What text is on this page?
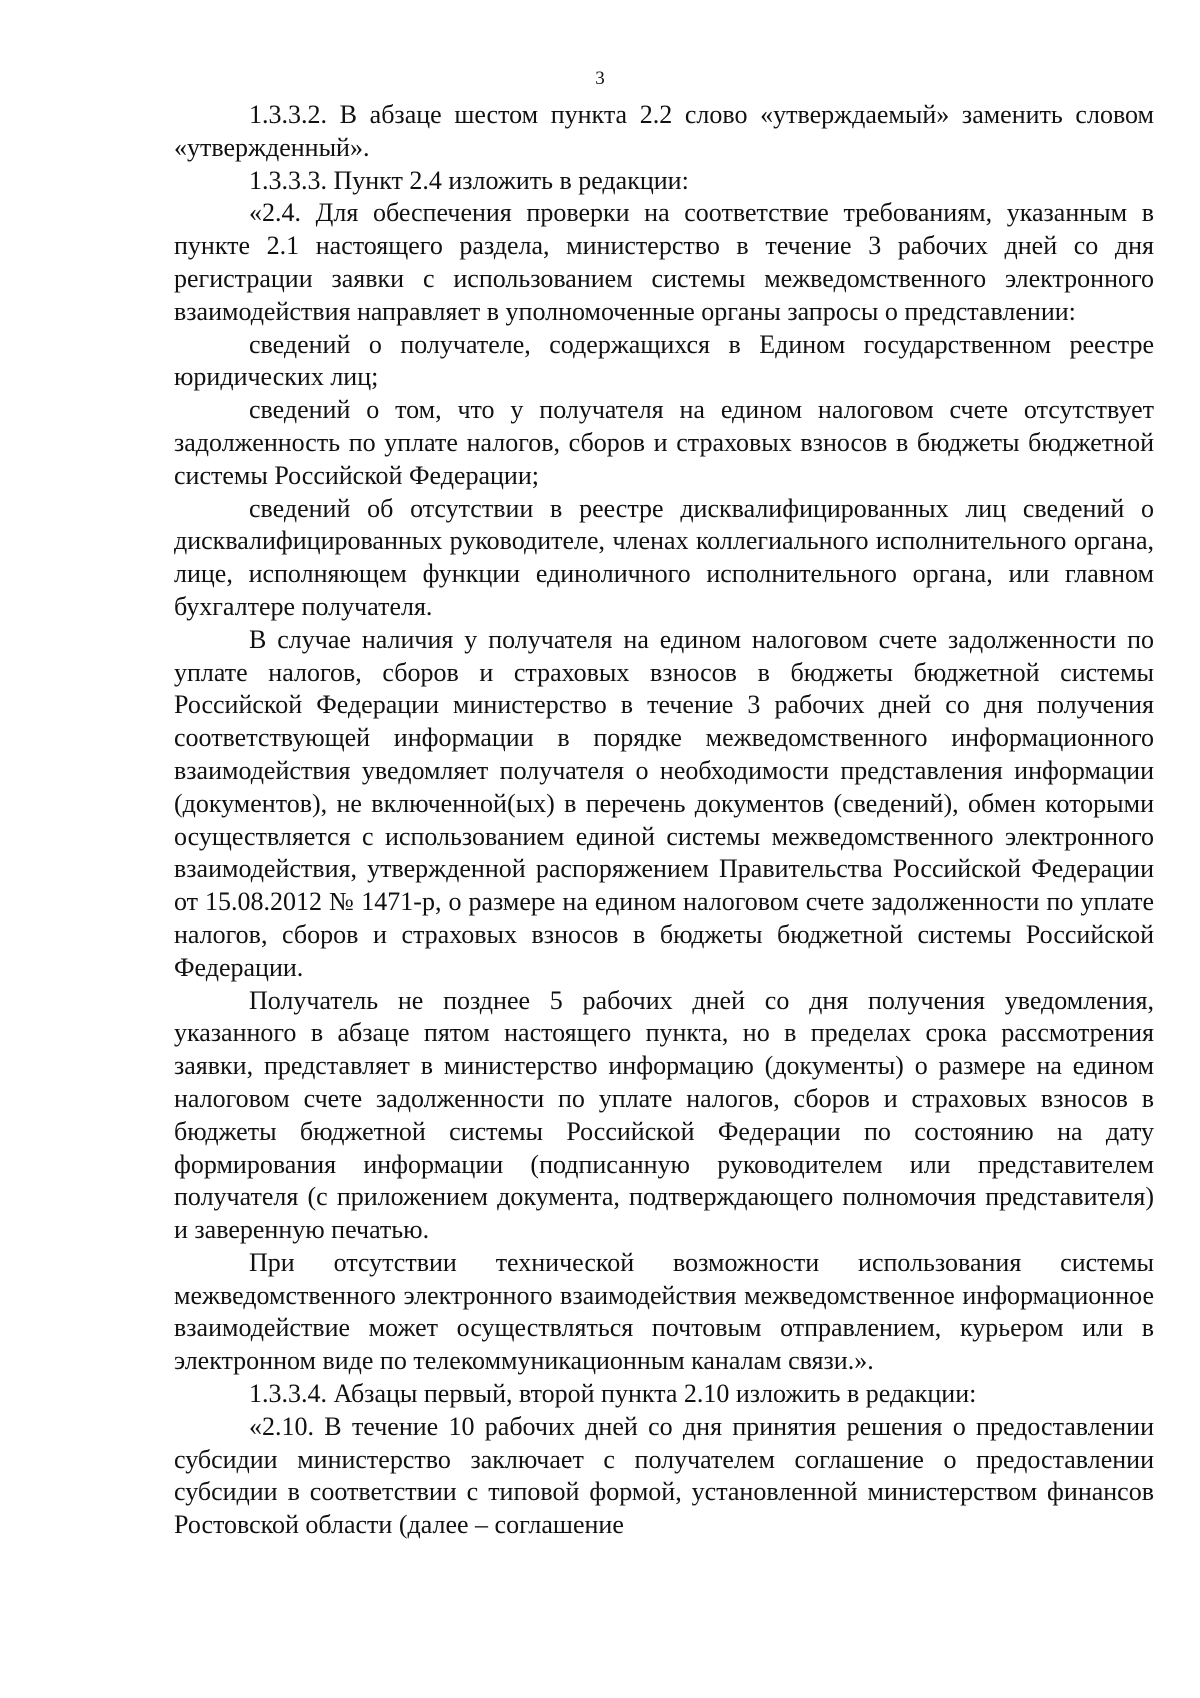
3

1.3.3.2. В абзаце шестом пункта 2.2 слово «утверждаемый» заменить словом «утвержденный».

1.3.3.3. Пункт 2.4 изложить в редакции:

«2.4. Для обеспечения проверки на соответствие требованиям, указанным в пункте 2.1 настоящего раздела, министерство в течение 3 рабочих дней со дня регистрации заявки с использованием системы межведомственного электронного взаимодействия направляет в уполномоченные органы запросы о представлении:

сведений о получателе, содержащихся в Едином государственном реестре юридических лиц;

сведений о том, что у получателя на едином налоговом счете отсутствует задолженность по уплате налогов, сборов и страховых взносов в бюджеты бюджетной системы Российской Федерации;

сведений об отсутствии в реестре дисквалифицированных лиц сведений о дисквалифицированных руководителе, членах коллегиального исполнительного органа, лице, исполняющем функции единоличного исполнительного органа, или главном бухгалтере получателя.

В случае наличия у получателя на едином налоговом счете задолженности по уплате налогов, сборов и страховых взносов в бюджеты бюджетной системы Российской Федерации министерство в течение 3 рабочих дней со дня получения соответствующей информации в порядке межведомственного информационного взаимодействия уведомляет получателя о необходимости представления информации (документов), не включенной(ых) в перечень документов (сведений), обмен которыми осуществляется с использованием единой системы межведомственного электронного взаимодействия, утвержденной распоряжением Правительства Российской Федерации от 15.08.2012 № 1471-р, о размере на едином налоговом счете задолженности по уплате налогов, сборов и страховых взносов в бюджеты бюджетной системы Российской Федерации.

Получатель не позднее 5 рабочих дней со дня получения уведомления, указанного в абзаце пятом настоящего пункта, но в пределах срока рассмотрения заявки, представляет в министерство информацию (документы) о размере на едином налоговом счете задолженности по уплате налогов, сборов и страховых взносов в бюджеты бюджетной системы Российской Федерации по состоянию на дату формирования информации (подписанную руководителем или представителем получателя (с приложением документа, подтверждающего полномочия представителя) и заверенную печатью.

При отсутствии технической возможности использования системы межведомственного электронного взаимодействия межведомственное информационное взаимодействие может осуществляться почтовым отправлением, курьером или в электронном виде по телекоммуникационным каналам связи.».

1.3.3.4. Абзацы первый, второй пункта 2.10 изложить в редакции:

«2.10. В течение 10 рабочих дней со дня принятия решения о предоставлении субсидии министерство заключает с получателем соглашение о предоставлении субсидии в соответствии с типовой формой, установленной министерством финансов Ростовской области (далее – соглашение
